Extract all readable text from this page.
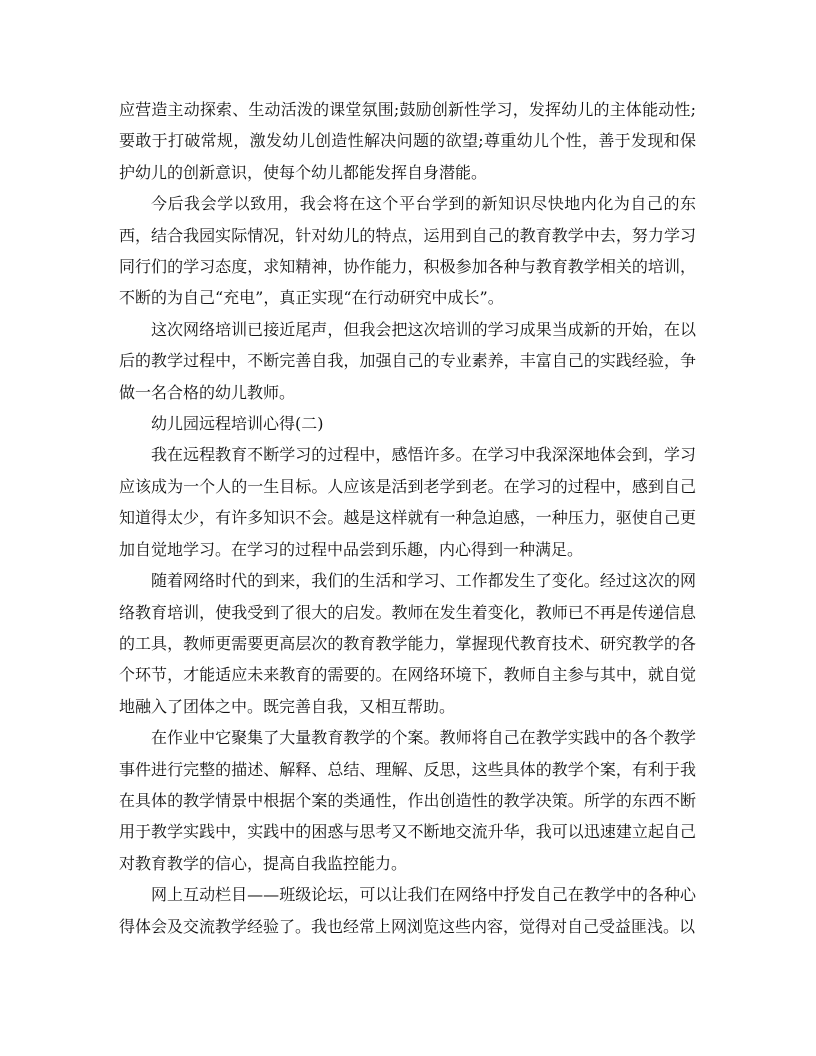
应营造主动探索、生动活泼的课堂氛围;鼓励创新性学习，发挥幼儿的主体能动性;要敢于打破常规，激发幼儿创造性解决问题的欲望;尊重幼儿个性，善于发现和保护幼儿的创新意识，使每个幼儿都能发挥自身潜能。

今后我会学以致用，我会将在这个平台学到的新知识尽快地内化为自己的东西，结合我园实际情况，针对幼儿的特点，运用到自己的教育教学中去，努力学习同行们的学习态度，求知精神，协作能力，积极参加各种与教育教学相关的培训，不断的为自己“充电”，真正实现“在行动研究中成长”。

这次网络培训已接近尾声，但我会把这次培训的学习成果当成新的开始，在以后的教学过程中，不断完善自我，加强自己的专业素养，丰富自己的实践经验，争做一名合格的幼儿教师。

幼儿园远程培训心得(二)

我在远程教育不断学习的过程中，感悟许多。在学习中我深深地体会到，学习应该成为一个人的一生目标。人应该是活到老学到老。在学习的过程中，感到自己知道得太少，有许多知识不会。越是这样就有一种急迫感，一种压力，驱使自己更加自觉地学习。在学习的过程中品尝到乐趣，内心得到一种满足。

随着网络时代的到来，我们的生活和学习、工作都发生了变化。经过这次的网络教育培训，使我受到了很大的启发。教师在发生着变化，教师已不再是传递信息的工具，教师更需要更高层次的教育教学能力，掌握现代教育技术、研究教学的各个环节，才能适应未来教育的需要的。在网络环境下，教师自主参与其中，就自觉地融入了团体之中。既完善自我，又相互帮助。

在作业中它聚集了大量教育教学的个案。教师将自己在教学实践中的各个教学事件进行完整的描述、解释、总结、理解、反思，这些具体的教学个案，有利于我在具体的教学情景中根据个案的类通性，作出创造性的教学决策。所学的东西不断用于教学实践中，实践中的困惑与思考又不断地交流升华，我可以迅速建立起自己对教育教学的信心，提高自我监控能力。

网上互动栏目——班级论坛，可以让我们在网络中抒发自己在教学中的各种心得体会及交流教学经验了。我也经常上网浏览这些内容，觉得对自己受益匪浅。以
